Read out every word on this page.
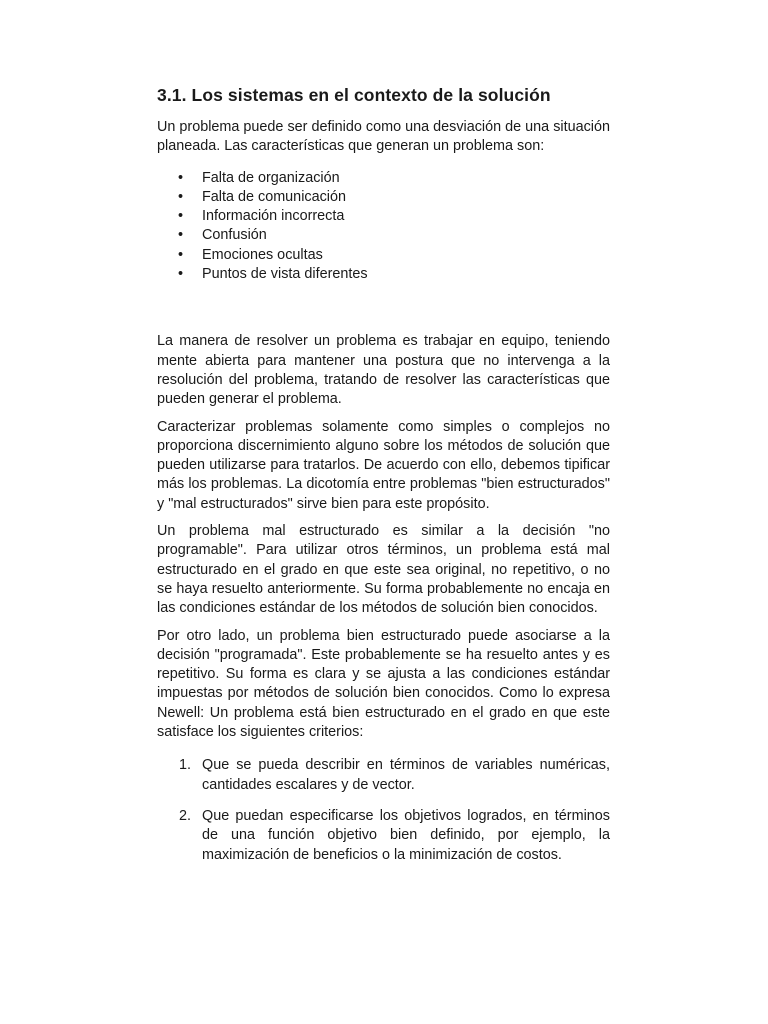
3.1. Los sistemas en el contexto de la solución

Un problema puede ser definido como una desviación de una situación planeada. Las características que generan un problema son:

• Falta de organización
• Falta de comunicación
• Información incorrecta
• Confusión
• Emociones ocultas
• Puntos de vista diferentes

La manera de resolver un problema es trabajar en equipo, teniendo mente abierta para mantener una postura que no intervenga a la resolución del problema, tratando de resolver las características que pueden generar el problema.

Caracterizar problemas solamente como simples o complejos no proporciona discernimiento alguno sobre los métodos de solución que pueden utilizarse para tratarlos. De acuerdo con ello, debemos tipificar más los problemas. La dicotomía entre problemas "bien estructurados" y "mal estructurados" sirve bien para este propósito.

Un problema mal estructurado es similar a la decisión "no programable". Para utilizar otros términos, un problema está mal estructurado en el grado en que este sea original, no repetitivo, o no se haya resuelto anteriormente. Su forma probablemente no encaja en las condiciones estándar de los métodos de solución bien conocidos.

Por otro lado, un problema bien estructurado puede asociarse a la decisión "programada". Este probablemente se ha resuelto antes y es repetitivo. Su forma es clara y se ajusta a las condiciones estándar impuestas por métodos de solución bien conocidos. Como lo expresa Newell: Un problema está bien estructurado en el grado en que este satisface los siguientes criterios:

1. Que se pueda describir en términos de variables numéricas, cantidades escalares y de vector.
2. Que puedan especificarse los objetivos logrados, en términos de una función objetivo bien definido, por ejemplo, la maximización de beneficios o la minimización de costos.
